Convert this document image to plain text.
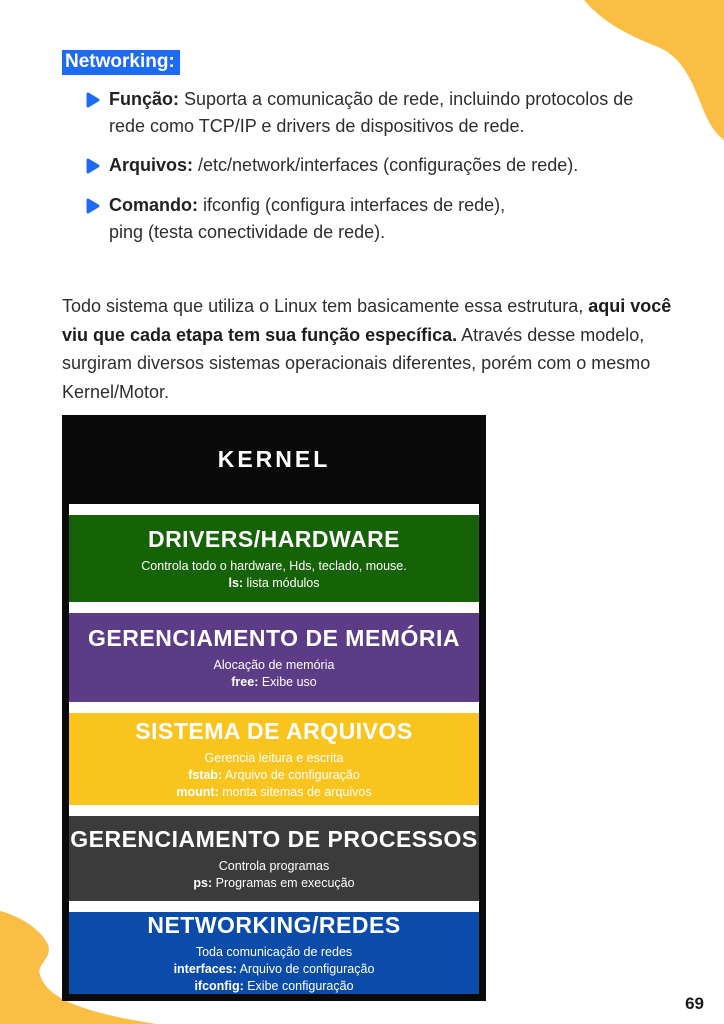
Networking:

Função: Suporta a comunicação de rede, incluindo protocolos de rede como TCP/IP e drivers de dispositivos de rede.

Arquivos: /etc/network/interfaces (configurações de rede).

Comando: ifconfig (configura interfaces de rede),
ping (testa conectividade de rede).

Todo sistema que utiliza o Linux tem basicamente essa estrutura, aqui você viu que cada etapa tem sua função específica. Através desse modelo, surgiram diversos sistemas operacionais diferentes, porém com o mesmo Kernel/Motor.

KERNEL
DRIVERS/HARDWARE
Controla todo o hardware, Hds, teclado, mouse.
ls: lista módulos
GERENCIAMENTO DE MEMÓRIA
Alocação de memória
free: Exibe uso
SISTEMA DE ARQUIVOS
Gerencia leitura e escrita
fstab: Arquivo de configuração
mount: monta sitemas de arquivos
GERENCIAMENTO DE PROCESSOS
Controla programas
ps: Programas em execução
NETWORKING/REDES
Toda comunicação de redes
interfaces: Arquivo de configuração
ifconfig: Exibe configuração
69
